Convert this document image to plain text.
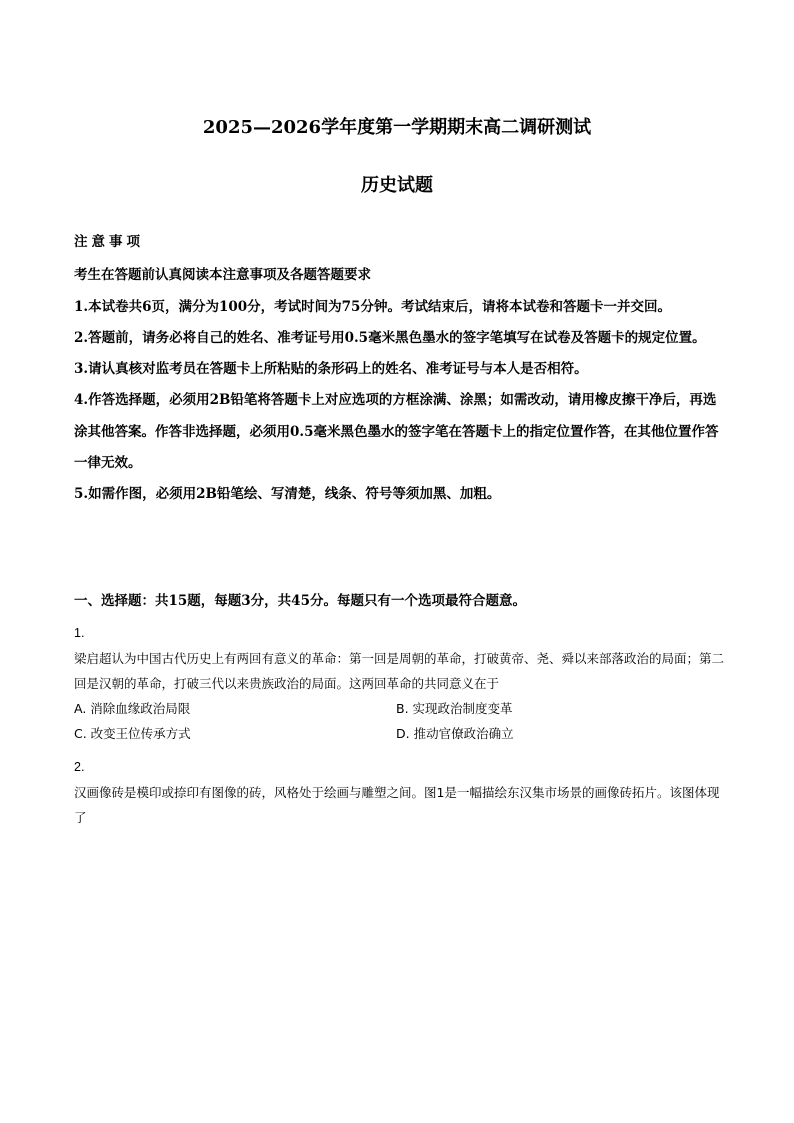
2025—2026学年度第一学期期末高二调研测试
历史试题
注意事项

考生在答题前认真阅读本注意事项及各题答题要求

1.本试卷共6页，满分为100分，考试时间为75分钟。考试结束后，请将本试卷和答题卡一并交回。

2.答题前，请务必将自己的姓名、准考证号用0.5毫米黑色墨水的签字笔填写在试卷及答题卡的规定位置。

3.请认真核对监考员在答题卡上所粘贴的条形码上的姓名、准考证号与本人是否相符。

4.作答选择题，必须用2B铅笔将答题卡上对应选项的方框涂满、涂黑；如需改动，请用橡皮擦干净后，再选涂其他答案。作答非选择题，必须用0.5毫米黑色墨水的签字笔在答题卡上的指定位置作答，在其他位置作答一律无效。

5.如需作图，必须用2B铅笔绘、写清楚，线条、符号等须加黑、加粗。

一、选择题：共15题，每题3分，共45分。每题只有一个选项最符合题意。

1.

梁启超认为中国古代历史上有两回有意义的革命：第一回是周朝的革命，打破黄帝、尧、舜以来部落政治的局面；第二回是汉朝的革命，打破三代以来贵族政治的局面。这两回革命的共同意义在于

A. 消除血缘政治局限	B. 实现政治制度变革
C. 改变王位传承方式	D. 推动官僚政治确立

2.

汉画像砖是模印或捺印有图像的砖，风格处于绘画与雕塑之间。图1是一幅描绘东汉集市场景的画像砖拓片。该图体现了
